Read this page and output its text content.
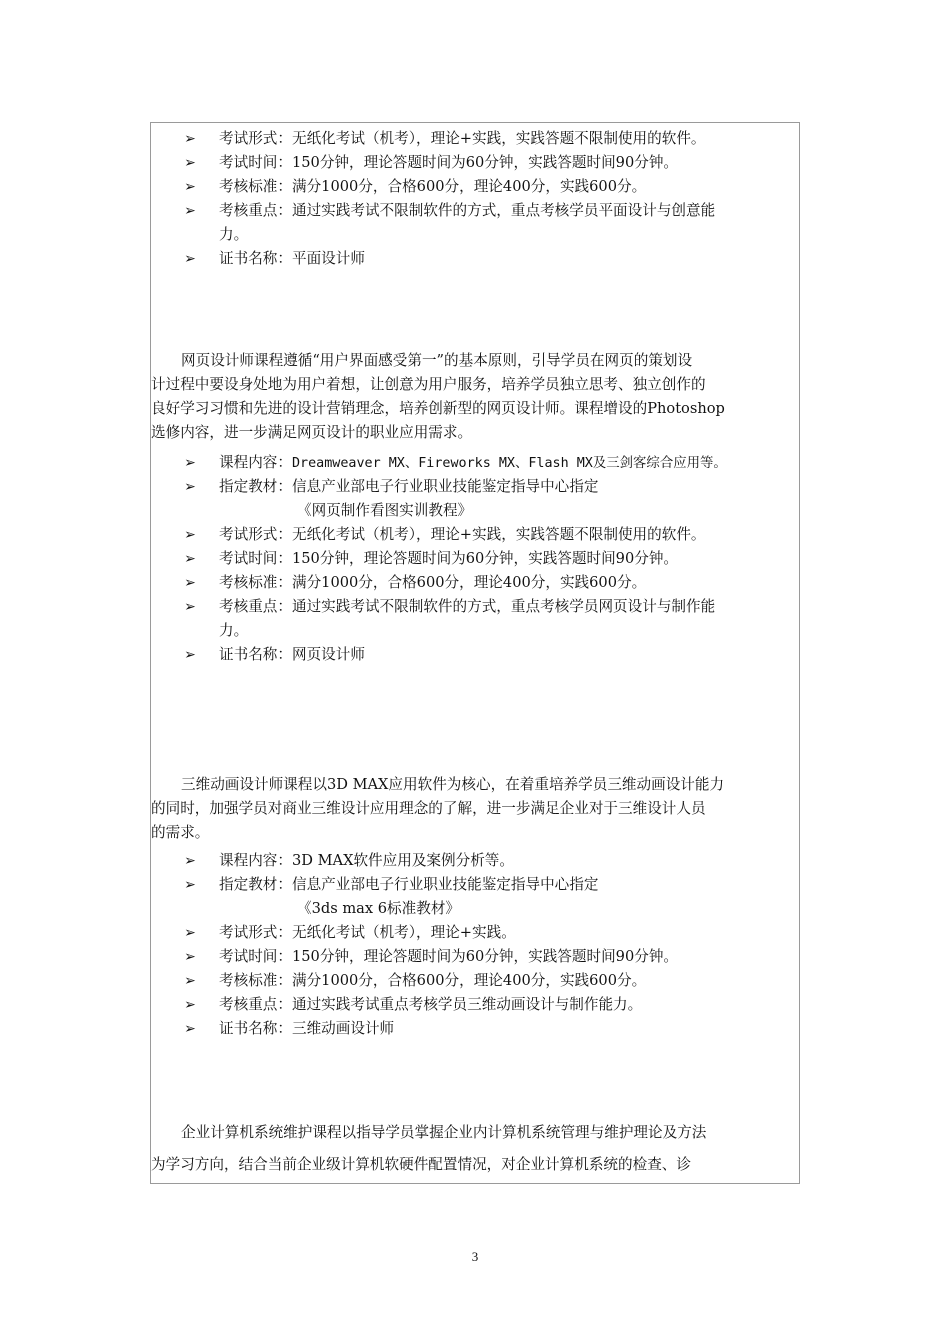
➢ 考试形式：无纸化考试（机考），理论+实践，实践答题不限制使用的软件。
➢ 考试时间：150分钟，理论答题时间为60分钟，实践答题时间90分钟。
➢ 考核标准：满分1000分，合格600分，理论400分，实践600分。
➢ 考核重点：通过实践考试不限制软件的方式，重点考核学员平面设计与创意能
力。
➢ 证书名称：平面设计师
网页设计师课程遵循“用户界面感受第一”的基本原则，引导学员在网页的策划设
计过程中要设身处地为用户着想，让创意为用户服务，培养学员独立思考、独立创作的
良好学习习惯和先进的设计营销理念，培养创新型的网页设计师。课程增设的Photoshop
选修内容，进一步满足网页设计的职业应用需求。
➢ 课程内容：Dreamweaver MX、Fireworks MX、Flash MX及三剑客综合应用等。
➢ 指定教材：信息产业部电子行业职业技能鉴定指导中心指定
《网页制作看图实训教程》
➢ 考试形式：无纸化考试（机考），理论+实践，实践答题不限制使用的软件。
➢ 考试时间：150分钟，理论答题时间为60分钟，实践答题时间90分钟。
➢ 考核标准：满分1000分，合格600分，理论400分，实践600分。
➢ 考核重点：通过实践考试不限制软件的方式，重点考核学员网页设计与制作能
力。
➢ 证书名称：网页设计师
三维动画设计师课程以3D MAX应用软件为核心，在着重培养学员三维动画设计能力
的同时，加强学员对商业三维设计应用理念的了解，进一步满足企业对于三维设计人员
的需求。
➢ 课程内容：3D MAX软件应用及案例分析等。
➢ 指定教材：信息产业部电子行业职业技能鉴定指导中心指定
《3ds max 6标准教材》
➢ 考试形式：无纸化考试（机考），理论+实践。
➢ 考试时间：150分钟，理论答题时间为60分钟，实践答题时间90分钟。
➢ 考核标准：满分1000分，合格600分，理论400分，实践600分。
➢ 考核重点：通过实践考试重点考核学员三维动画设计与制作能力。
➢ 证书名称：三维动画设计师
企业计算机系统维护课程以指导学员掌握企业内计算机系统管理与维护理论及方法
为学习方向，结合当前企业级计算机软硬件配置情况，对企业计算机系统的检查、诊
3
